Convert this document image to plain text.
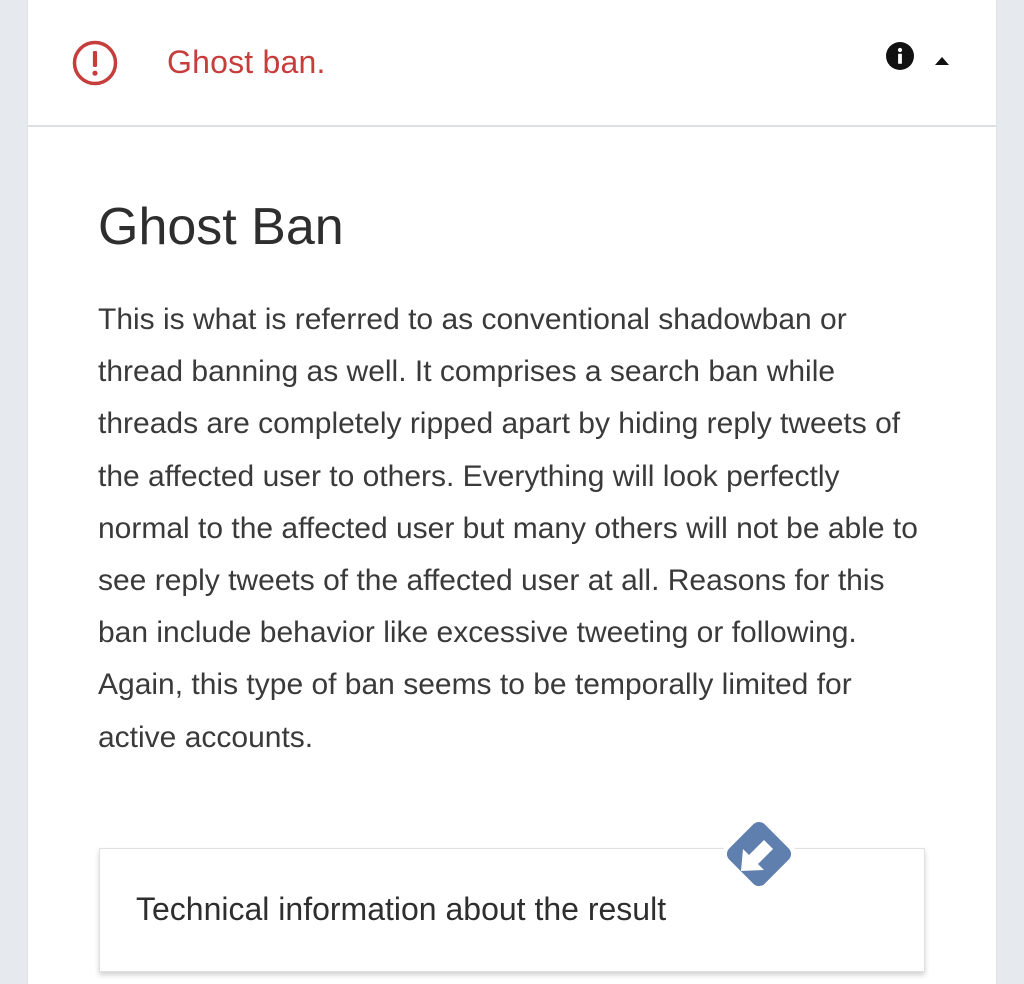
Ghost ban.
Ghost Ban

This is what is referred to as conventional shadowban or thread banning as well. It comprises a search ban while threads are completely ripped apart by hiding reply tweets of the affected user to others. Everything will look perfectly normal to the affected user but many others will not be able to see reply tweets of the affected user at all. Reasons for this ban include behavior like excessive tweeting or following. Again, this type of ban seems to be temporally limited for active accounts.

Technical information about the result
